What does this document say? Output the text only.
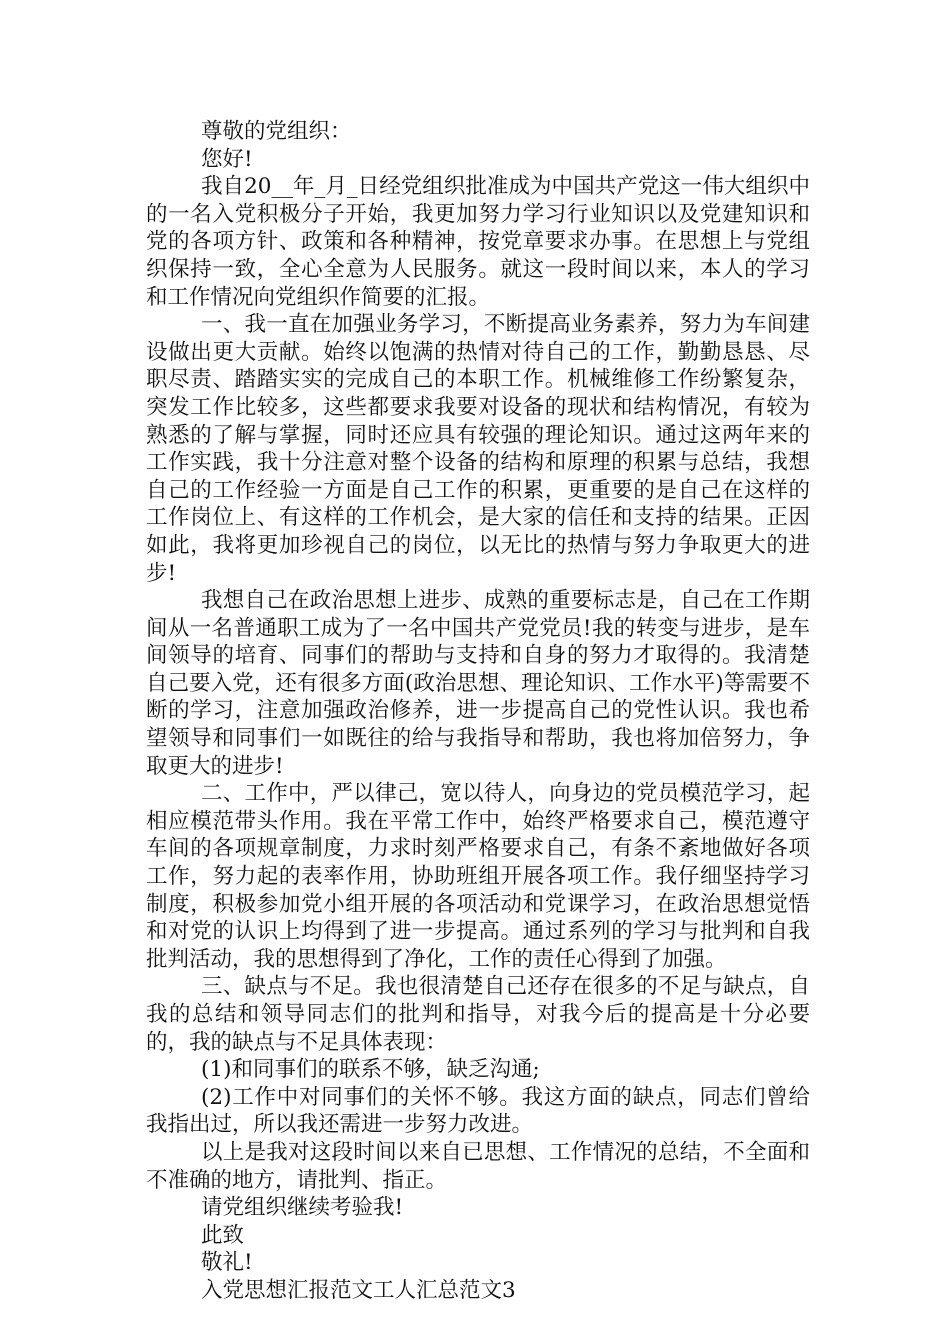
尊敬的党组织：
您好!
我自20__年_月_日经党组织批准成为中国共产党这一伟大组织中的一名入党积极分子开始，我更加努力学习行业知识以及党建知识和党的各项方针、政策和各种精神，按党章要求办事。在思想上与党组织保持一致，全心全意为人民服务。就这一段时间以来，本人的学习和工作情况向党组织作简要的汇报。
一、我一直在加强业务学习，不断提高业务素养，努力为车间建设做出更大贡献。始终以饱满的热情对待自己的工作，勤勤恳恳、尽职尽责、踏踏实实的完成自己的本职工作。机械维修工作纷繁复杂，突发工作比较多，这些都要求我要对设备的现状和结构情况，有较为熟悉的了解与掌握，同时还应具有较强的理论知识。通过这两年来的工作实践，我十分注意对整个设备的结构和原理的积累与总结，我想自己的工作经验一方面是自己工作的积累，更重要的是自己在这样的工作岗位上、有这样的工作机会，是大家的信任和支持的结果。正因如此，我将更加珍视自己的岗位，以无比的热情与努力争取更大的进步!
我想自己在政治思想上进步、成熟的重要标志是，自己在工作期间从一名普通职工成为了一名中国共产党党员!我的转变与进步，是车间领导的培育、同事们的帮助与支持和自身的努力才取得的。我清楚自己要入党，还有很多方面(政治思想、理论知识、工作水平)等需要不断的学习，注意加强政治修养，进一步提高自己的党性认识。我也希望领导和同事们一如既往的给与我指导和帮助，我也将加倍努力，争取更大的进步!
二、工作中，严以律己，宽以待人，向身边的党员模范学习，起相应模范带头作用。我在平常工作中，始终严格要求自己，模范遵守车间的各项规章制度，力求时刻严格要求自己，有条不紊地做好各项工作，努力起的表率作用，协助班组开展各项工作。我仔细坚持学习制度，积极参加党小组开展的各项活动和党课学习，在政治思想觉悟和对党的认识上均得到了进一步提高。通过系列的学习与批判和自我批判活动，我的思想得到了净化，工作的责任心得到了加强。
三、缺点与不足。我也很清楚自己还存在很多的不足与缺点，自我的总结和领导同志们的批判和指导，对我今后的提高是十分必要的，我的缺点与不足具体表现：
(1)和同事们的联系不够，缺乏沟通;
(2)工作中对同事们的关怀不够。我这方面的缺点，同志们曾给我指出过，所以我还需进一步努力改进。
以上是我对这段时间以来自已思想、工作情况的总结，不全面和不准确的地方，请批判、指正。
请党组织继续考验我!
此致
敬礼!
入党思想汇报范文工人汇总范文3
